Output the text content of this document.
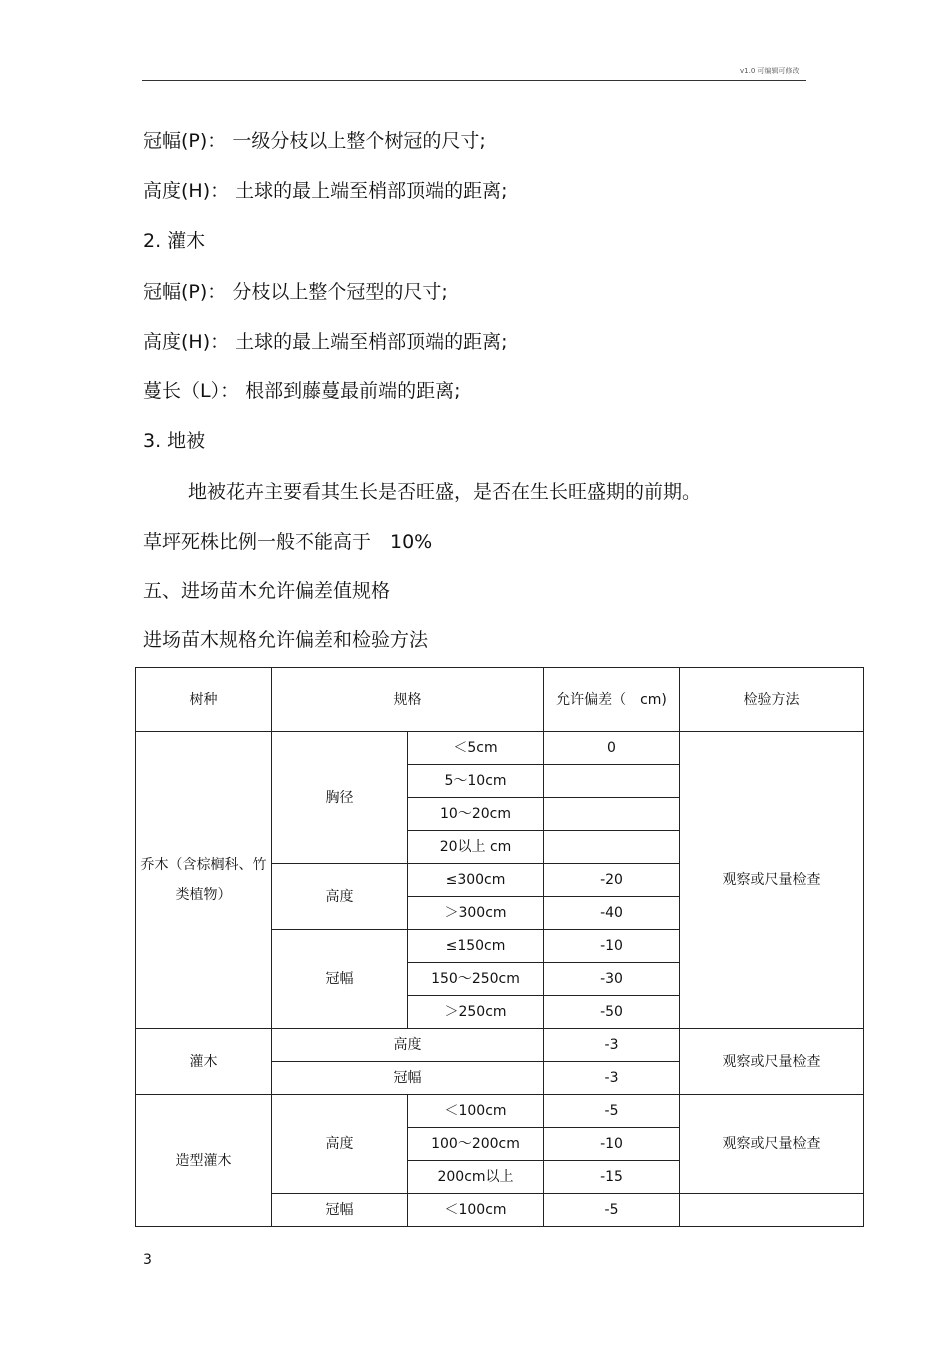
v1.0 可编辑可修改
冠幅(P)： 一级分枝以上整个树冠的尺寸;
高度(H)： 土球的最上端至梢部顶端的距离;
2. 灌木
冠幅(P)： 分枝以上整个冠型的尺寸;
高度(H)： 土球的最上端至梢部顶端的距离;
蔓长（L）： 根部到藤蔓最前端的距离;
3. 地被
地被花卉主要看其生长是否旺盛，是否在生长旺盛期的前期。
草坪死株比例一般不能高于　10%
五、进场苗木允许偏差值规格
进场苗木规格允许偏差和检验方法
树种	规格		允许偏差（　cm)	检验方法
乔木（含棕榈科、竹类植物）	胸径	＜5cm	0	观察或尺量检查
		5～10cm		
		10～20cm		
		20以上 cm		
	高度	≤300cm	-20	
		＞300cm	-40	
	冠幅	≤150cm	-10	
		150～250cm	-30	
		＞250cm	-50	
灌木	高度		-3	观察或尺量检查
	冠幅		-3	
造型灌木	高度	＜100cm	-5	观察或尺量检查
		100～200cm	-10	
		200cm以上	-15	
	冠幅	＜100cm	-5	
3
